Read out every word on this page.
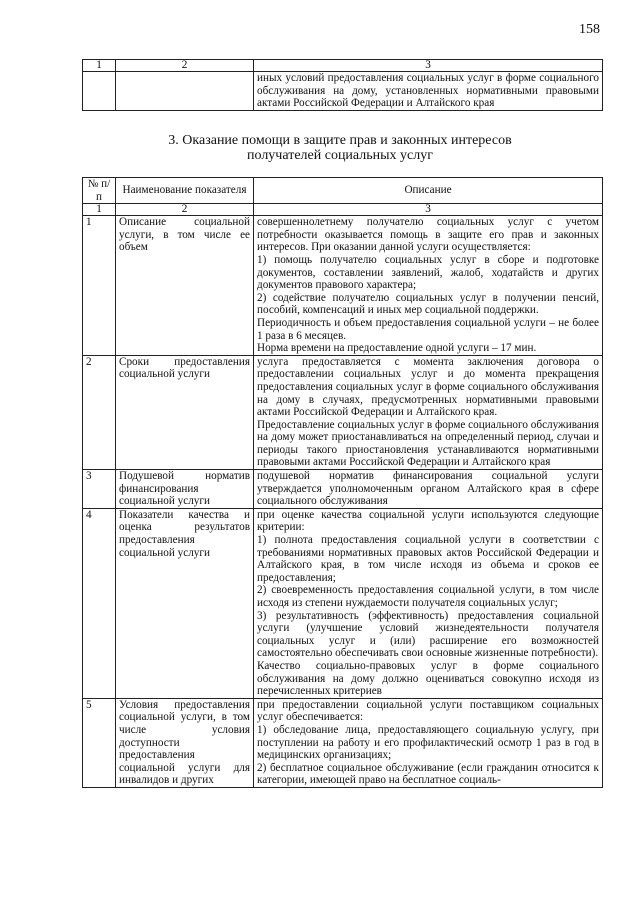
158
1	2	3
		иных условий предоставления социальных услуг в форме социального обслуживания на дому, установленных нормативными правовыми актами Российской Федерации и Алтайского края
3. Оказание помощи в защите прав и законных интересов
получателей социальных услуг
№ п/п	Наименование показателя	Описание
1	2	3
1	Описание социальной услуги, в том числе ее объем	совершеннолетнему получателю социальных услуг с учетом потребности оказывается помощь в защите его прав и законных интересов. При оказании данной услуги осуществляется:
1) помощь получателю социальных услуг в сборе и подготовке документов, составлении заявлений, жалоб, ходатайств и других документов правового характера;
2) содействие получателю социальных услуг в получении пенсий, пособий, компенсаций и иных мер социальной поддержки.
Периодичность и объем предоставления социальной услуги – не более 1 раза в 6 месяцев.
Норма времени на предоставление одной услуги – 17 мин.

2	Сроки предоставления социальной услуги	услуга предоставляется с момента заключения договора о предоставлении социальных услуг и до момента прекращения предоставления социальных услуг в форме социального обслуживания на дому в случаях, предусмотренных нормативными правовыми актами Российской Федерации и Алтайского края.
Предоставление социальных услуг в форме социального обслуживания на дому может приостанавливаться на определенный период, случаи и периоды такого приостановления устанавливаются нормативными правовыми актами Российской Федерации и Алтайского края

3	Подушевой норматив финансирования социальной услуги	подушевой норматив финансирования социальной услуги утверждается уполномоченным органом Алтайского края в сфере социального обслуживания

4	Показатели качества и оценка результатов предоставления социальной услуги	при оценке качества социальной услуги используются следующие критерии:
1) полнота предоставления социальной услуги в соответствии с требованиями нормативных правовых актов Российской Федерации и Алтайского края, в том числе исходя из объема и сроков ее предоставления;
2) своевременность предоставления социальной услуги, в том числе исходя из степени нуждаемости получателя социальных услуг;
3) результативность (эффективность) предоставления социальной услуги (улучшение условий жизнедеятельности получателя социальных услуг и (или) расширение его возможностей самостоятельно обеспечивать свои основные жизненные потребности).
Качество социально-правовых услуг в форме социального обслуживания на дому должно оцениваться совокупно исходя из перечисленных критериев

5	Условия предоставления социальной услуги, в том числе условия доступности предоставления социальной услуги для инвалидов и других	при предоставлении социальной услуги поставщиком социальных услуг обеспечивается:
1) обследование лица, предоставляющего социальную услугу, при поступлении на работу и его профилактический осмотр 1 раз в год в медицинских организациях;
2) бесплатное социальное обслуживание (если гражданин относится к категории, имеющей право на бесплатное социаль-
